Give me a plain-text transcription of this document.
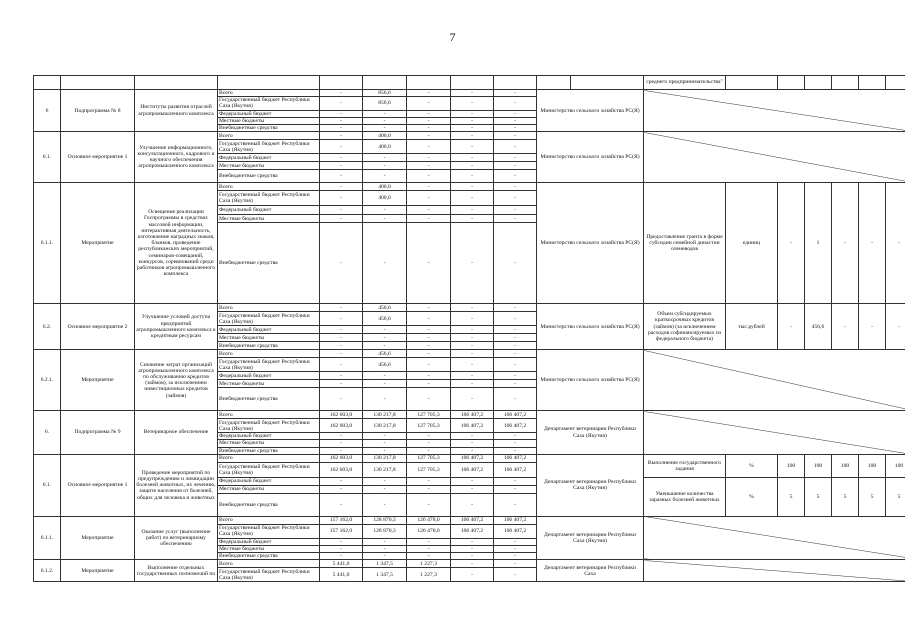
7
											среднего предпринимательства"						
6	Подпрограмма № 8	Институты развития отраслей агропромышленного комплекса	Всего	-	856,6	-	-	-	Министерство сельского хозяйства РС(Я)								
			Государственный бюджет Республики Саха (Якутия)	-	856,6	-	-	-									
			Федеральный бюджет	-	-	-	-	-									
			Местные бюджеты	-	-	-	-	-									
			Внебюджетные средства	-	-	-	-	-									
6.1.	Основное мероприятие 1	Улучшение информационного, консультационного, кадрового и научного обеспечения агропромышленного комплекса	Всего	-	400,0	-	-	-	Министерство сельского хозяйства РС(Я)								
			Государственный бюджет Республики Саха (Якутия)	-	400,0	-	-	-									
			Федеральный бюджет	-	-	-	-	-									
			Местные бюджеты	-	-	-	-	-									
			Внебюджетные средства	-	-	-	-	-									
6.1.1.	Мероприятие	Освещение реализации Госпрограммы в средствах массовой информации, интерактивная деятельность, изготовление наградных знаков, бланков, проведение республиканских мероприятий, семинаров-совещаний, конкурсов, соревнований среди работников агропромышленного комплекса	Всего	-	400,0	-	-	-	Министерство сельского хозяйства РС(Я)		Предоставление гранта в форме субсидии семейной династии оленеводов	единиц	-	1	-	-	-
			Государственный бюджет Республики Саха (Якутия)	-	400,0	-	-	-									
			Федеральный бюджет	-	-	-	-	-									
			Местные бюджеты	-	-	-	-	-									
			Внебюджетные средства	-	-	-	-	-									
6.2.	Основное мероприятие 2	Улучшение условий доступа предприятий агропромышленного комплекса к кредитным ресурсам	Всего	-	456,6	-	-	-	Министерство сельского хозяйства РС(Я)		Объем субсидируемых краткосрочных кредитов (займов) (за исключением расходов софинансируемых из федерального бюджета)	тыс.рублей	-	456,6	-	-	-
			Государственный бюджет Республики Саха (Якутия)	-	456,6	-	-	-									
			Федеральный бюджет	-	-	-	-	-									
			Местные бюджеты	-	-	-	-	-									
			Внебюджетные средства	-	-	-	-	-									
6.2.1.	Мероприятие	Снижение затрат организаций агропромышленного комплекса по обслуживанию кредитов (займов), за исключением инвестиционных кредитов (займов)	Всего	-	456,6	-	-	-	Министерство сельского хозяйства РС(Я)								
			Государственный бюджет Республики Саха (Якутия)	-	456,6	-	-	-									
			Федеральный бюджет	-	-	-	-	-									
			Местные бюджеты	-	-	-	-	-									
			Внебюджетные средства	-	-	-	-	-									
6.	Подпрограмма № 9	Ветеринарное обеспечение	Всего	162 603,0	130 217,8	127 705,3	106 407,2	106 407,2	Департамент ветеринарии Республики Саха (Якутия)								
			Государственный бюджет Республики Саха (Якутия)	162 603,0	130 217,8	127 705,3	106 407,2	106 407,2									
			Федеральный бюджет	-	-	-	-	-									
			Местные бюджеты	-	-	-	-	-									
			Внебюджетные средства	-	-	-	-	-									
6.1.	Основное мероприятие 1	Проведение мероприятий по предупреждению и ликвидации болезней животных, их лечению, защите населения от болезней, общих для человека и животных	Всего	162 603,0	130 217,8	127 705,3	106 407,2	106 407,2	Департамент ветеринарии Республики Саха (Якутия)		Выполнение государственного задания	%	100	100	100	100	100
			Государственный бюджет Республики Саха (Якутия)	162 603,0	130 217,8	127 705,3	106 407,2	106 407,2									
			Федеральный бюджет	-	-	-	-	-			Уменьшение количества заразных болезней животных	%	5	5	5	5	5
			Местные бюджеты	-	-	-	-	-									
			Внебюджетные средства	-	-	-	-	-									
6.1.1.	Мероприятие	Оказание услуг (выполнение работ) по ветеринарному обеспечению	Всего	157 162,0	128 870,3	126 478,0	106 407,2	106 407,2	Департамент ветеринарии Республики Саха (Якутия)								
			Государственный бюджет Республики Саха (Якутия)	157 162,0	128 870,3	126 478,0	106 407,2	106 407,2									
			Федеральный бюджет	-	-	-	-	-									
			Местные бюджеты	-	-	-	-	-									
			Внебюджетные средства	-	-	-	-	-									
6.1.2.	Мероприятие	Выполнение отдельных государственных полномочий по	Всего	5 441,0	1 347,5	1 227,3	-	-	Департамент ветеринарии Республики Саха								
			Государственный бюджет Республики Саха (Якутия)	5 441,0	1 347,5	1 227,3	-	-									
